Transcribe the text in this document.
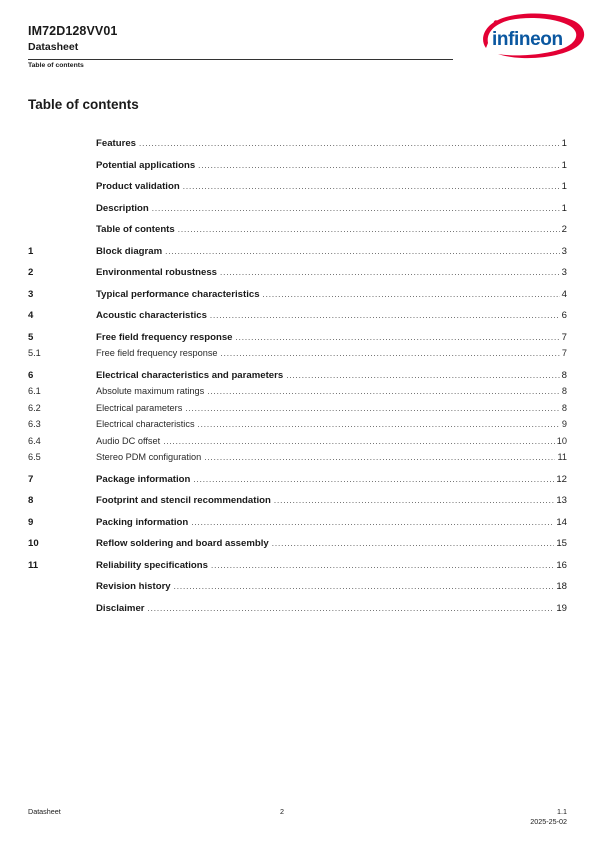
IM72D128VV01
Datasheet
Table of contents
infineon
Table of contents
Features .....	1
Potential applications .....	1
Product validation .....	1
Description .....	1
Table of contents .....	2
1	Block diagram .....	3
2	Environmental robustness .....	3
3	Typical performance characteristics .....	4
4	Acoustic characteristics .....	6
5	Free field frequency response .....	7
5.1	Free field frequency response .....	7
6	Electrical characteristics and parameters .....	8
6.1	Absolute maximum ratings .....	8
6.2	Electrical parameters .....	8
6.3	Electrical characteristics .....	9
6.4	Audio DC offset .....	10
6.5	Stereo PDM configuration .....	11
7	Package information .....	12
8	Footprint and stencil recommendation .....	13
9	Packing information .....	14
10	Reflow soldering and board assembly .....	15
11	Reliability specifications .....	16
Revision history .....	18
Disclaimer .....	19
Datasheet	2	1.1
2025-25-02
